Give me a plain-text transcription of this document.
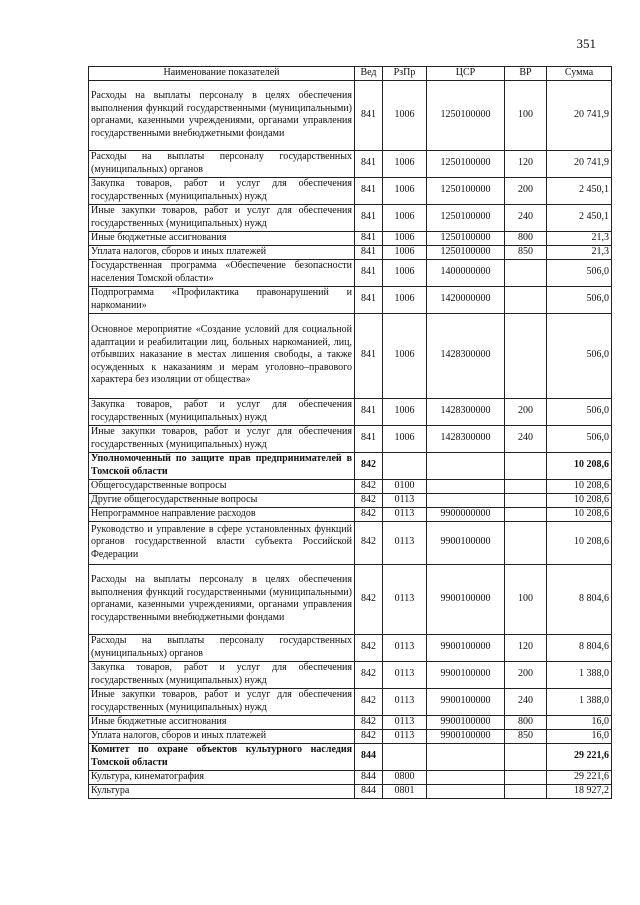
351
Наименование показателей	Вед	РзПр	ЦСР	ВР	Сумма
Расходы на выплаты персоналу в целях обеспечения выполнения функций государственными (муниципальными) органами, казенными учреждениями, органами управления государственными внебюджетными фондами	841	1006	1250100000	100	20 741,9
Расходы на выплаты персоналу государственных (муниципальных) органов	841	1006	1250100000	120	20 741,9
Закупка товаров, работ и услуг для обеспечения государственных (муниципальных) нужд	841	1006	1250100000	200	2 450,1
Иные закупки товаров, работ и услуг для обеспечения государственных (муниципальных) нужд	841	1006	1250100000	240	2 450,1
Иные бюджетные ассигнования	841	1006	1250100000	800	21,3
Уплата налогов, сборов и иных платежей	841	1006	1250100000	850	21,3
Государственная программа «Обеспечение безопасности населения Томской области»	841	1006	1400000000		506,0
Подпрограмма «Профилактика правонарушений и наркомании»	841	1006	1420000000		506,0
Основное мероприятие «Создание условий для социальной адаптации и реабилитации лиц, больных наркоманией, лиц, отбывших наказание в местах лишения свободы, а также осужденных к наказаниям и мерам уголовно–правового характера без изоляции от общества»	841	1006	1428300000		506,0
Закупка товаров, работ и услуг для обеспечения государственных (муниципальных) нужд	841	1006	1428300000	200	506,0
Иные закупки товаров, работ и услуг для обеспечения государственных (муниципальных) нужд	841	1006	1428300000	240	506,0
Уполномоченный по защите прав предпринимателей в Томской области	842				10 208,6
Общегосударственные вопросы	842	0100			10 208,6
Другие общегосударственные вопросы	842	0113			10 208,6
Непрограммное направление расходов	842	0113	9900000000		10 208,6
Руководство и управление в сфере установленных функций органов государственной власти субъекта Российской Федерации	842	0113	9900100000		10 208,6
Расходы на выплаты персоналу в целях обеспечения выполнения функций государственными (муниципальными) органами, казенными учреждениями, органами управления государственными внебюджетными фондами	842	0113	9900100000	100	8 804,6
Расходы на выплаты персоналу государственных (муниципальных) органов	842	0113	9900100000	120	8 804,6
Закупка товаров, работ и услуг для обеспечения государственных (муниципальных) нужд	842	0113	9900100000	200	1 388,0
Иные закупки товаров, работ и услуг для обеспечения государственных (муниципальных) нужд	842	0113	9900100000	240	1 388,0
Иные бюджетные ассигнования	842	0113	9900100000	800	16,0
Уплата налогов, сборов и иных платежей	842	0113	9900100000	850	16,0
Комитет по охране объектов культурного наследия Томской области	844				29 221,6
Культура, кинематография	844	0800			29 221,6
Культура	844	0801			18 927,2
